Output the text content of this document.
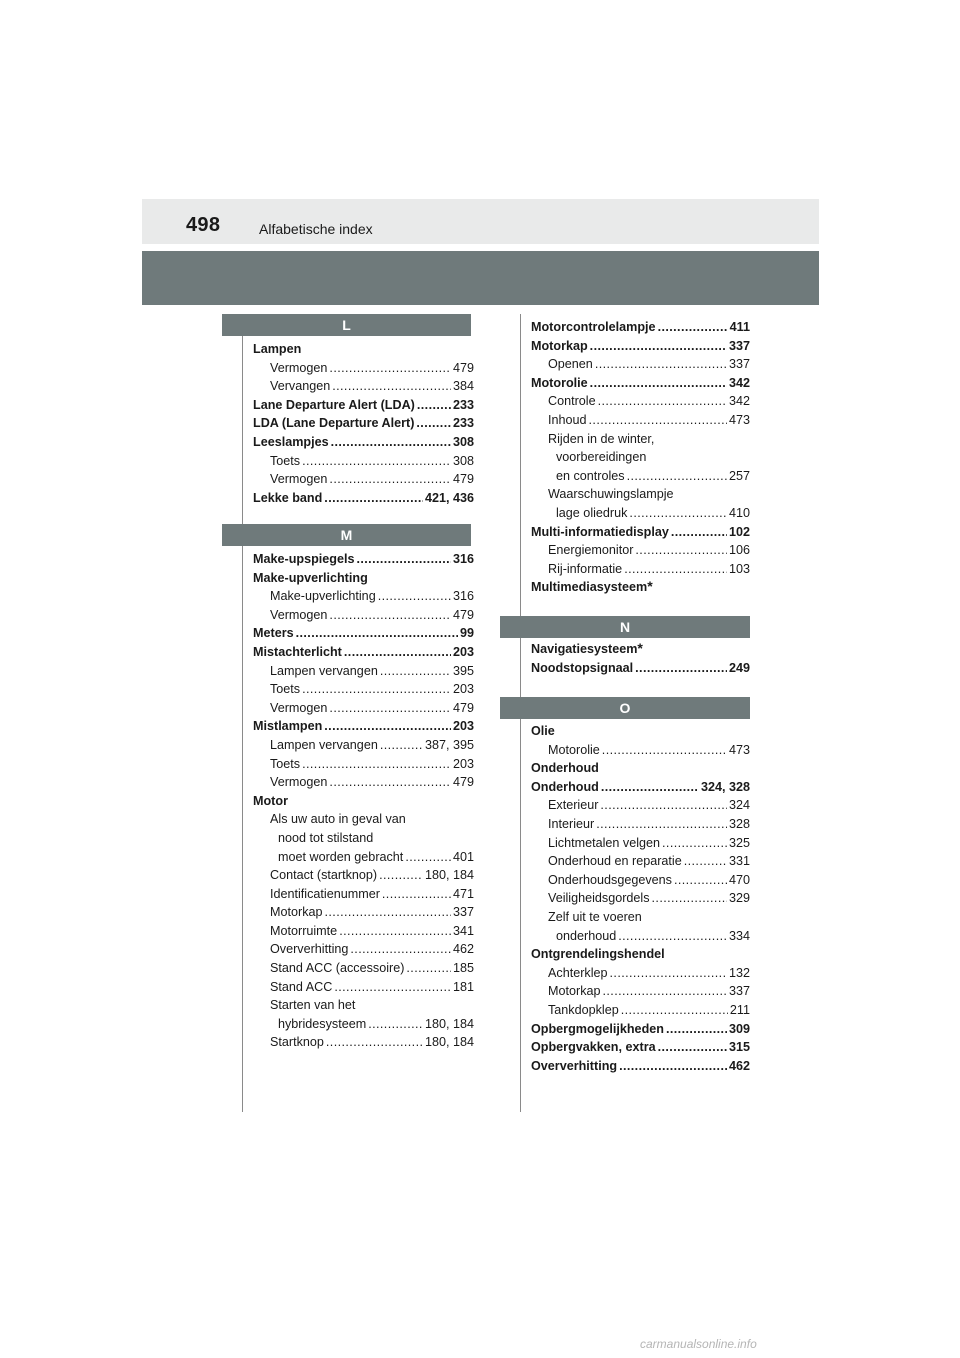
498	Alfabetische index
L
M
N
O
Lampen
Vermogen .....	479
Vervangen .....	384
Lane Departure Alert (LDA) .....	233
LDA (Lane Departure Alert) .....	233
Leeslampjes .....	308
Toets .....	308
Vermogen .....	479
Lekke band .....	421, 436
Make-upspiegels .....	316
Make-upverlichting
Make-upverlichting .....	316
Vermogen .....	479
Meters .....	99
Mistachterlicht .....	203
Lampen vervangen .....	395
Toets .....	203
Vermogen .....	479
Mistlampen .....	203
Lampen vervangen .....	387, 395
Toets .....	203
Vermogen .....	479
Motor
Als uw auto in geval van
nood tot stilstand
moet worden gebracht .....	401
Contact (startknop) .....	180, 184
Identificatienummer .....	471
Motorkap .....	337
Motorruimte .....	341
Oververhitting .....	462
Stand ACC (accessoire) .....	185
Stand ACC .....	181
Starten van het
hybridesysteem .....	180, 184
Startknop .....	180, 184
Motorcontrolelampje .....	411
Motorkap .....	337
Openen .....	337
Motorolie .....	342
Controle .....	342
Inhoud .....	473
Rijden in de winter,
voorbereidingen
en controles .....	257
Waarschuwingslampje
lage oliedruk .....	410
Multi-informatiedisplay .....	102
Energiemonitor .....	106
Rij-informatie .....	103
Multimediasysteem *
Navigatiesysteem *
Noodstopsignaal .....	249
Olie
Motorolie .....	473
Onderhoud
Onderhoud .....	324, 328
Exterieur .....	324
Interieur .....	328
Lichtmetalen velgen .....	325
Onderhoud en reparatie .....	331
Onderhoudsgegevens .....	470
Veiligheidsgordels .....	329
Zelf uit te voeren
onderhoud .....	334
Ontgrendelingshendel
Achterklep .....	132
Motorkap .....	337
Tankdopklep .....	211
Opbergmogelijkheden .....	309
Opbergvakken, extra .....	315
Oververhitting .....	462
carmanualsonline.info
